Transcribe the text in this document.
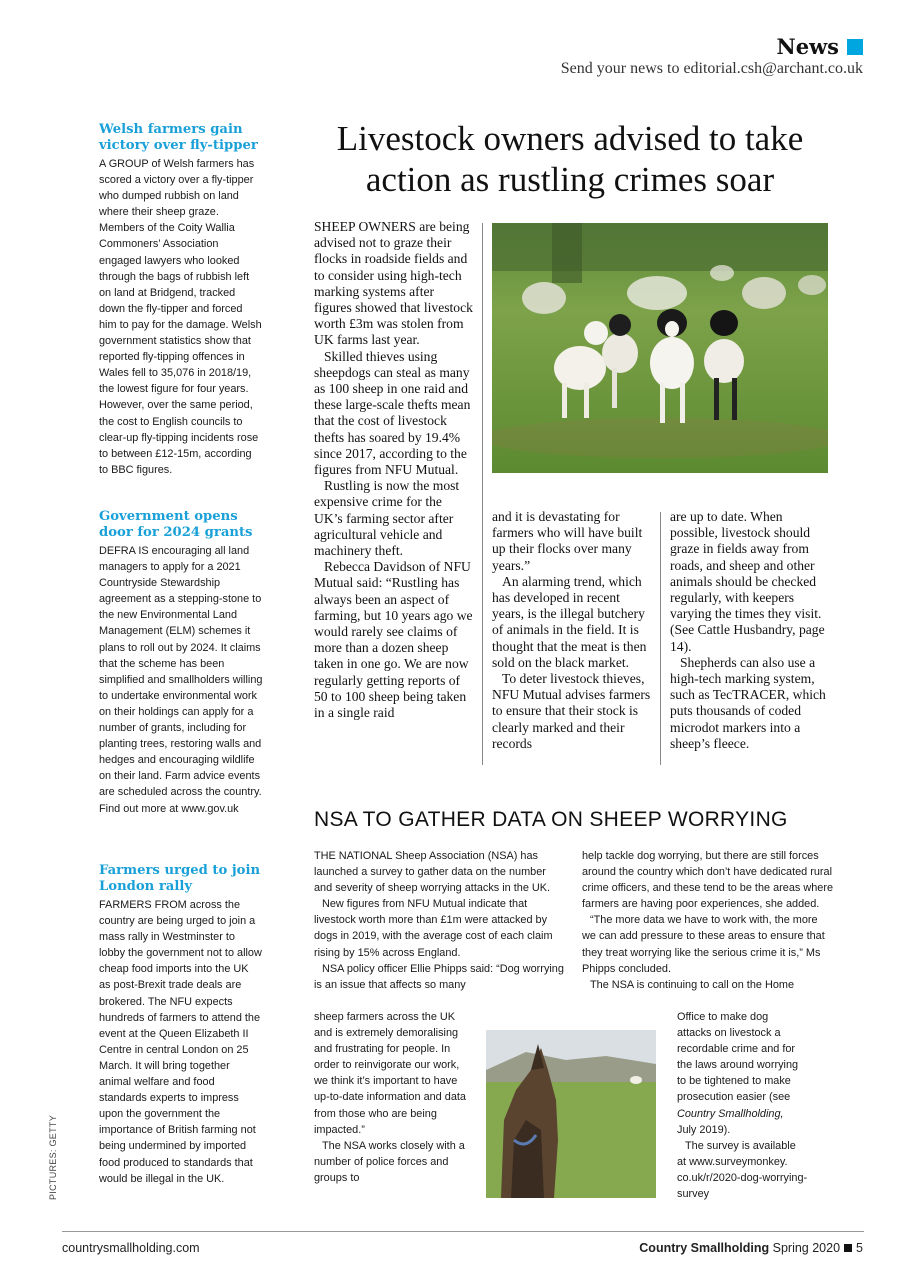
News
Send your news to editorial.csh@archant.co.uk
Welsh farmers gain victory over fly-tipper

A GROUP of Welsh farmers has scored a victory over a fly-tipper who dumped rubbish on land where their sheep graze. Members of the Coity Wallia Commoners’ Association engaged lawyers who looked through the bags of rubbish left on land at Bridgend, tracked down the fly-tipper and forced him to pay for the damage. Welsh government statistics show that reported fly-tipping offences in Wales fell to 35,076 in 2018/19, the lowest figure for four years. However, over the same period, the cost to English councils to clear-up fly-tipping incidents rose to between £12-15m, according to BBC figures.

Government opens door for 2024 grants

DEFRA IS encouraging all land managers to apply for a 2021 Countryside Stewardship agreement as a stepping-stone to the new Environmental Land Management (ELM) schemes it plans to roll out by 2024. It claims that the scheme has been simplified and smallholders willing to undertake environmental work on their holdings can apply for a number of grants, including for planting trees, restoring walls and hedges and encouraging wildlife on their land. Farm advice events are scheduled across the country. Find out more at www.gov.uk

Farmers urged to join London rally

FARMERS FROM across the country are being urged to join a mass rally in Westminster to lobby the government not to allow cheap food imports into the UK as post-Brexit trade deals are brokered. The NFU expects hundreds of farmers to attend the event at the Queen Elizabeth II Centre in central London on 25 March. It will bring together animal welfare and food standards experts to impress upon the government the importance of British farming not being undermined by imported food produced to standards that would be illegal in the UK.

Livestock owners advised to take
action as rustling crimes soar
SHEEP OWNERS are being advised not to graze their flocks in roadside fields and to consider using high-tech marking systems after figures showed that livestock worth £3m was stolen from UK farms last year.
Skilled thieves using sheepdogs can steal as many as 100 sheep in one raid and these large-scale thefts mean that the cost of livestock thefts has soared by 19.4% since 2017, according to the figures from NFU Mutual.
Rustling is now the most expensive crime for the UK’s farming sector after agricultural vehicle and machinery theft.
Rebecca Davidson of NFU Mutual said: “Rustling has always been an aspect of farming, but 10 years ago we would rarely see claims of more than a dozen sheep taken in one go. We are now regularly getting reports of 50 to 100 sheep being taken in a single raid
and it is devastating for farmers who will have built up their flocks over many years.”
An alarming trend, which has developed in recent years, is the illegal butchery of animals in the field. It is thought that the meat is then sold on the black market.
To deter livestock thieves, NFU Mutual advises farmers to ensure that their stock is clearly marked and their records
are up to date. When possible, livestock should graze in fields away from roads, and sheep and other animals should be checked regularly, with keepers varying the times they visit. (See Cattle Husbandry, page 14).
Shepherds can also use a high-tech marking system, such as TecTRACER, which puts thousands of coded microdot markers into a sheep’s fleece.
NSA TO GATHER DATA ON SHEEP WORRYING
THE NATIONAL Sheep Association (NSA) has launched a survey to gather data on the number and severity of sheep worrying attacks in the UK.
New figures from NFU Mutual indicate that livestock worth more than £1m were attacked by dogs in 2019, with the average cost of each claim rising by 15% across England.
NSA policy officer Ellie Phipps said: “Dog worrying is an issue that affects so many
sheep farmers across the UK and is extremely demoralising and frustrating for people. In order to reinvigorate our work, we think it’s important to have up-to-date information and data from those who are being impacted.”
The NSA works closely with a number of police forces and groups to
help tackle dog worrying, but there are still forces around the country which don’t have dedicated rural crime officers, and these tend to be the areas where farmers are having poor experiences, she added.
“The more data we have to work with, the more we can add pressure to these areas to ensure that they treat worrying like the serious crime it is,” Ms Phipps concluded.
The NSA is continuing to call on the Home
Office to make dog
attacks on livestock a
recordable crime and for
the laws around worrying
to be tightened to make
prosecution easier (see
Country Smallholding,
July 2019).
The survey is available
at www.surveymonkey.
co.uk/r/2020-dog-worrying-
survey
PICTURES: GETTY
countrysmallholding.com	Country Smallholding Spring 2020 5
